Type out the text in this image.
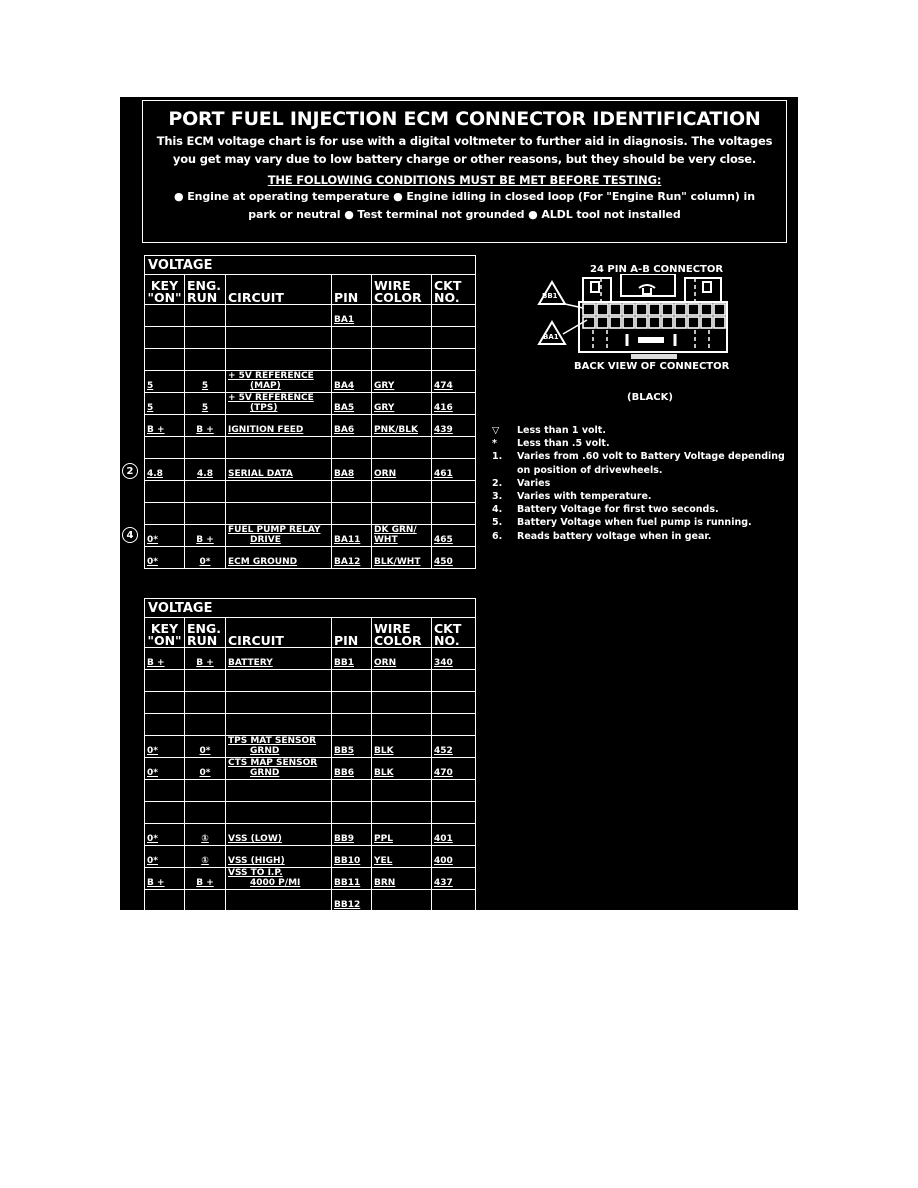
PORT FUEL INJECTION ECM CONNECTOR IDENTIFICATION
This ECM voltage chart is for use with a digital voltmeter to further aid in diagnosis. The voltages
you get may vary due to low battery charge or other reasons, but they should be very close.
THE FOLLOWING CONDITIONS MUST BE MET BEFORE TESTING:
● Engine at operating temperature ● Engine idling in closed loop (For "Engine Run" column) in
park or neutral ● Test terminal not grounded ● ALDL tool not installed
VOLTAGE					
KEY
"ON"	ENG.
RUN	CIRCUIT	PIN	WIRE
COLOR	CKT
NO.
			BA1		

5	5	+ 5V REFERENCE
(MAP)	BA4	GRY	474
5	5	+ 5V REFERENCE
(TPS)	BA5	GRY	416
B +	B +	IGNITION FEED	BA6	PNK/BLK	439

4.8	4.8	SERIAL DATA	BA8	ORN	461

0*	B +	FUEL PUMP RELAY
DRIVE	BA11	DK GRN/
WHT	465
0*	0*	ECM GROUND	BA12	BLK/WHT	450
2
4
VOLTAGE					
KEY
"ON"	ENG.
RUN	CIRCUIT	PIN	WIRE
COLOR	CKT
NO.
B +	B +	BATTERY	BB1	ORN	340

0*	0*	TPS MAT SENSOR
GRND	BB5	BLK	452
0*	0*	CTS MAP SENSOR
GRND	BB6	BLK	470

0*	①	VSS (LOW)	BB9	PPL	401
0*	①	VSS (HIGH)	BB10	YEL	400
B +	B +	VSS TO I.P.
4000 P/MI	BB11	BRN	437
			BB12		
24 PIN A-B CONNECTOR
BB1
BA1
BACK VIEW OF CONNECTOR
(BLACK)
▽	Less than 1 volt.
*	Less than .5 volt.
1.	Varies from .60 volt to Battery Voltage depending on position of drivewheels.
2.	Varies
3.	Varies with temperature.
4.	Battery Voltage for first two seconds.
5.	Battery Voltage when fuel pump is running.
6.	Reads battery voltage when in gear.
